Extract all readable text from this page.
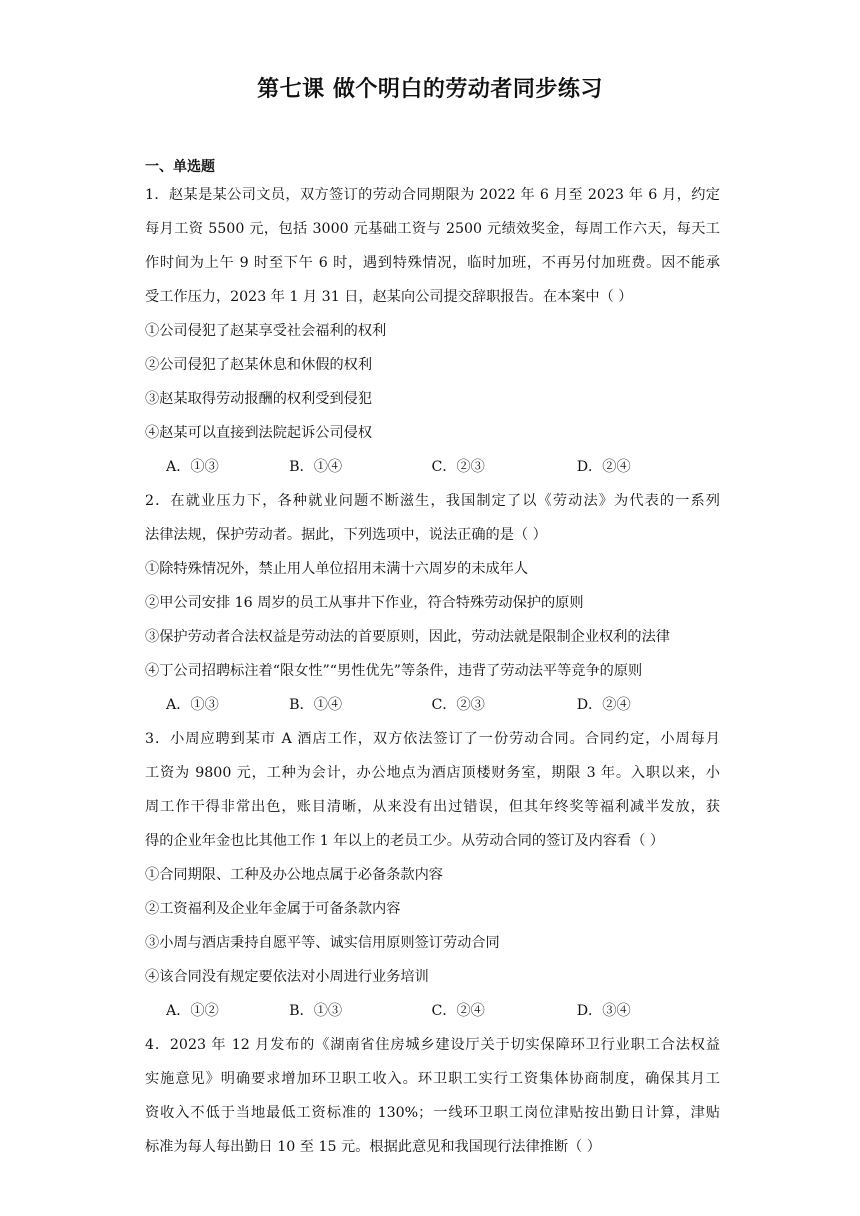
第七课 做个明白的劳动者同步练习
一、单选题
1．赵某是某公司文员，双方签订的劳动合同期限为 2022 年 6 月至 2023 年 6 月，约定
每月工资 5500 元，包括 3000 元基础工资与 2500 元绩效奖金，每周工作六天，每天工
作时间为上午 9 时至下午 6 时，遇到特殊情况，临时加班，不再另付加班费。因不能承
受工作压力，2023 年 1 月 31 日，赵某向公司提交辞职报告。在本案中（ ）
①公司侵犯了赵某享受社会福利的权利
②公司侵犯了赵某休息和休假的权利
③赵某取得劳动报酬的权利受到侵犯
④赵某可以直接到法院起诉公司侵权
A．①③	B．①④	C．②③	D．②④
2．在就业压力下，各种就业问题不断滋生，我国制定了以《劳动法》为代表的一系列
法律法规，保护劳动者。据此，下列选项中，说法正确的是（ ）
①除特殊情况外，禁止用人单位招用未满十六周岁的未成年人
②甲公司安排 16 周岁的员工从事井下作业，符合特殊劳动保护的原则
③保护劳动者合法权益是劳动法的首要原则，因此，劳动法就是限制企业权利的法律
④丁公司招聘标注着“限女性”“男性优先”等条件，违背了劳动法平等竞争的原则
A．①③	B．①④	C．②③	D．②④
3．小周应聘到某市 A 酒店工作，双方依法签订了一份劳动合同。合同约定，小周每月
工资为 9800 元，工种为会计，办公地点为酒店顶楼财务室，期限 3 年。入职以来，小
周工作干得非常出色，账目清晰，从来没有出过错误，但其年终奖等福利减半发放，获
得的企业年金也比其他工作 1 年以上的老员工少。从劳动合同的签订及内容看（ ）
①合同期限、工种及办公地点属于必备条款内容
②工资福利及企业年金属于可备条款内容
③小周与酒店秉持自愿平等、诚实信用原则签订劳动合同
④该合同没有规定要依法对小周进行业务培训
A．①②	B．①③	C．②④	D．③④
4．2023 年 12 月发布的《湖南省住房城乡建设厅关于切实保障环卫行业职工合法权益
实施意见》明确要求增加环卫职工收入。环卫职工实行工资集体协商制度，确保其月工
资收入不低于当地最低工资标准的 130%；一线环卫职工岗位津贴按出勤日计算，津贴
标准为每人每出勤日 10 至 15 元。根据此意见和我国现行法律推断（ ）
